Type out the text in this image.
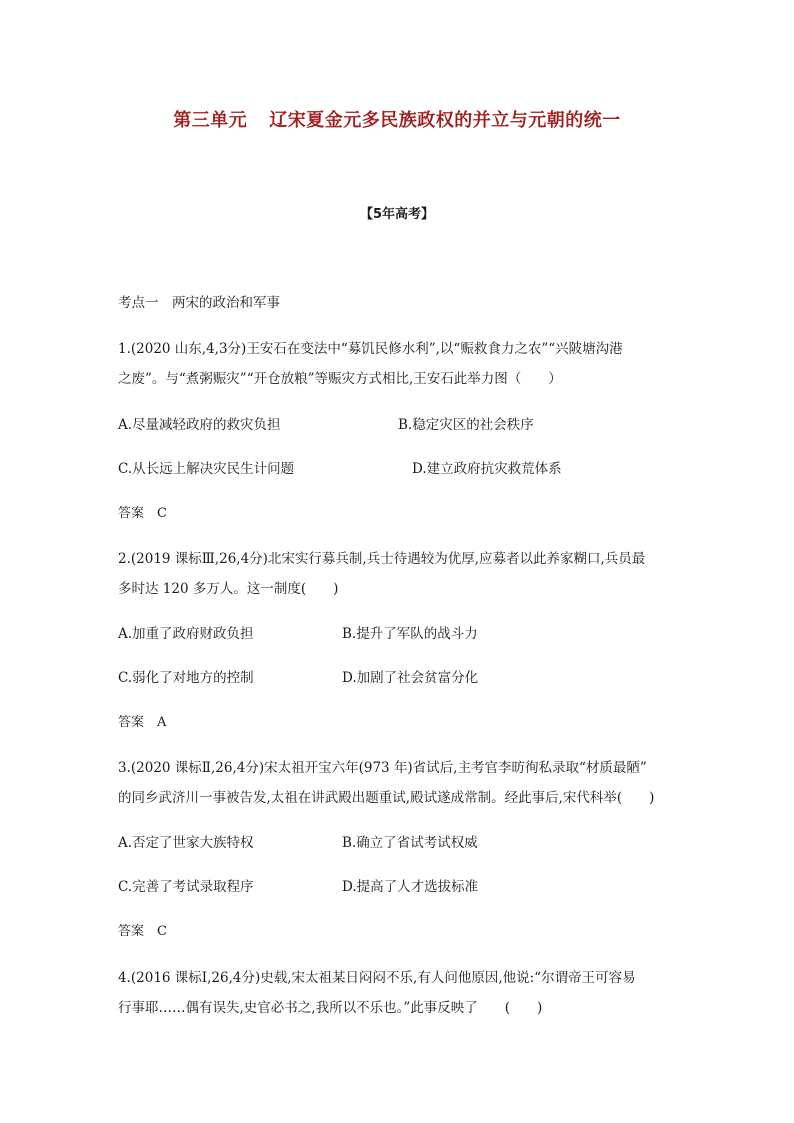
第三单元 辽宋夏金元多民族政权的并立与元朝的统一
【5年高考】
考点一　两宋的政治和军事
1.(2020 山东,4,3分)王安石在变法中“募饥民修水利”,以“赈救食力之农”“兴陂塘沟港
之废”。与“煮粥赈灾”“开仓放粮”等赈灾方式相比,王安石此举力图（　　）
A.尽量减轻政府的救灾负担	B.稳定灾区的社会秩序
C.从长远上解决灾民生计问题	D.建立政府抗灾救荒体系
答案　C
2.(2019 课标Ⅲ,26,4分)北宋实行募兵制,兵士待遇较为优厚,应募者以此养家糊口,兵员最
多时达 120 多万人。这一制度(　　)
A.加重了政府财政负担	B.提升了军队的战斗力
C.弱化了对地方的控制	D.加剧了社会贫富分化
答案　A
3.(2020 课标Ⅱ,26,4分)宋太祖开宝六年(973 年)省试后,主考官李昉徇私录取“材质最陋”
的同乡武济川一事被告发,太祖在讲武殿出题重试,殿试遂成常制。经此事后,宋代科举(　　)
A.否定了世家大族特权	B.确立了省试考试权威
C.完善了考试录取程序	D.提高了人才选拔标准
答案　C
4.(2016 课标Ⅰ,26,4分)史载,宋太祖某日闷闷不乐,有人问他原因,他说:“尔谓帝王可容易
行事耶……偶有误失,史官必书之,我所以不乐也。”此事反映了　　(　　)
